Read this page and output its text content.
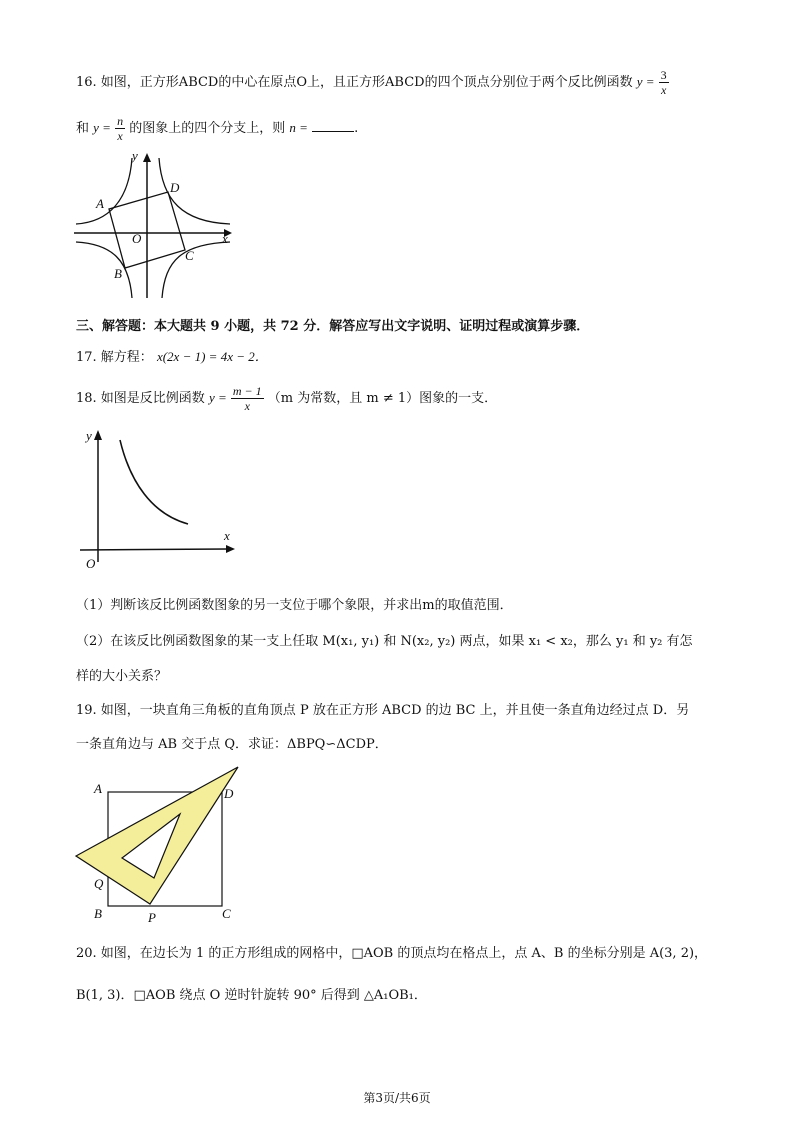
16. 如图，正方形ABCD的中心在原点O上，且正方形ABCD的四个顶点分别位于两个反比例函数 $y = \frac{3}{x}$
和 $y = \frac{n}{x}$ 的图象上的四个分支上，则 n =	.
y
x
O
A
D
B
C
三、解答题：本大题共 9 小题，共 72 分．解答应写出文字说明、证明过程或演算步骤．
17. 解方程： x(2x − 1) = 4x − 2．
18. 如图是反比例函数 $y = \frac{m - 1}{x} (m$ 为常数，且 m ≠ 1）图象的一支．
y
x
O
（1）判断该反比例函数图象的另一支位于哪个象限，并求出m的取值范围．
（2）在该反比例函数图象的某一支上任取 M(x₁, y₁) 和 N(x₂, y₂) 两点，如果 x₁ < x₂，那么 y₁ 和 y₂ 有怎
样的大小关系？
19. 如图，一块直角三角板的直角顶点 P 放在正方形 ABCD 的边 BC 上，并且使一条直角边经过点 D．另
一条直角边与 AB 交于点 Q．求证：ΔBPQ∽ΔCDP．
A	D
Q
B	P	C
20. 如图，在边长为 1 的正方形组成的网格中，□AOB 的顶点均在格点上，点 A、B 的坐标分别是 A(3, 2)，
B(1, 3)．□AOB 绕点 O 逆时针旋转 90° 后得到 △A₁OB₁．
第3页/共6页
